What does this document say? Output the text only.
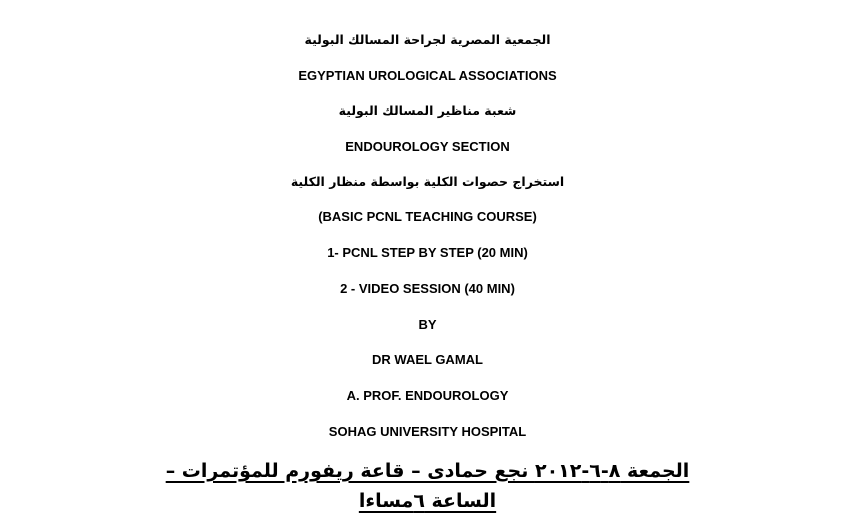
الجمعية المصرية لجراحة المسالك البولية
EGYPTIAN UROLOGICAL ASSOCIATIONS
شعبة مناظير المسالك البولية
ENDOUROLOGY SECTION
استخراج حصوات الكلية بواسطة منظار الكلية
(BASIC PCNL TEACHING COURSE)
1- PCNL STEP BY STEP (20 MIN)
2 - VIDEO SESSION (40 MIN)
BY
DR WAEL GAMAL
A. PROF. ENDOUROLOGY
SOHAG UNIVERSITY HOSPITAL
الجمعة ٨-٦-٢٠١٢ نجع حمادى – قاعة ريفورم للمؤتمرات –
الساعة ٦مساءا
